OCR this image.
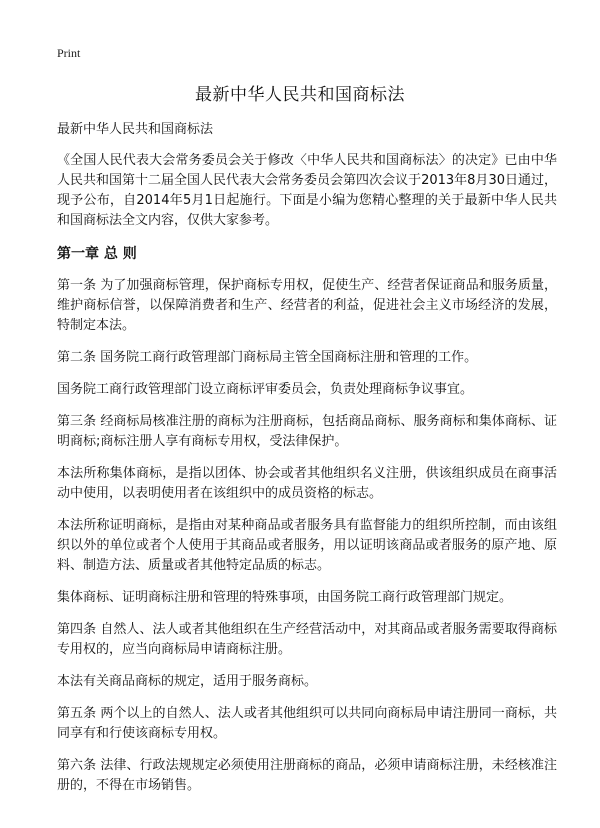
Print
最新中华人民共和国商标法

最新中华人民共和国商标法

《全国人民代表大会常务委员会关于修改〈中华人民共和国商标法〉的决定》已由中华人民共和国第十二届全国人民代表大会常务委员会第四次会议于2013年8月30日通过，现予公布，自2014年5月1日起施行。下面是小编为您精心整理的关于最新中华人民共和国商标法全文内容，仅供大家参考。

第一章 总 则

第一条 为了加强商标管理，保护商标专用权，促使生产、经营者保证商品和服务质量，维护商标信誉，以保障消费者和生产、经营者的利益，促进社会主义市场经济的发展，特制定本法。

第二条 国务院工商行政管理部门商标局主管全国商标注册和管理的工作。

国务院工商行政管理部门设立商标评审委员会，负责处理商标争议事宜。

第三条 经商标局核准注册的商标为注册商标，包括商品商标、服务商标和集体商标、证明商标;商标注册人享有商标专用权，受法律保护。

本法所称集体商标，是指以团体、协会或者其他组织名义注册，供该组织成员在商事活动中使用，以表明使用者在该组织中的成员资格的标志。

本法所称证明商标，是指由对某种商品或者服务具有监督能力的组织所控制，而由该组织以外的单位或者个人使用于其商品或者服务，用以证明该商品或者服务的原产地、原料、制造方法、质量或者其他特定品质的标志。

集体商标、证明商标注册和管理的特殊事项，由国务院工商行政管理部门规定。

第四条 自然人、法人或者其他组织在生产经营活动中，对其商品或者服务需要取得商标专用权的，应当向商标局申请商标注册。

本法有关商品商标的规定，适用于服务商标。

第五条 两个以上的自然人、法人或者其他组织可以共同向商标局申请注册同一商标，共同享有和行使该商标专用权。

第六条 法律、行政法规规定必须使用注册商标的商品，必须申请商标注册，未经核准注册的，不得在市场销售。
